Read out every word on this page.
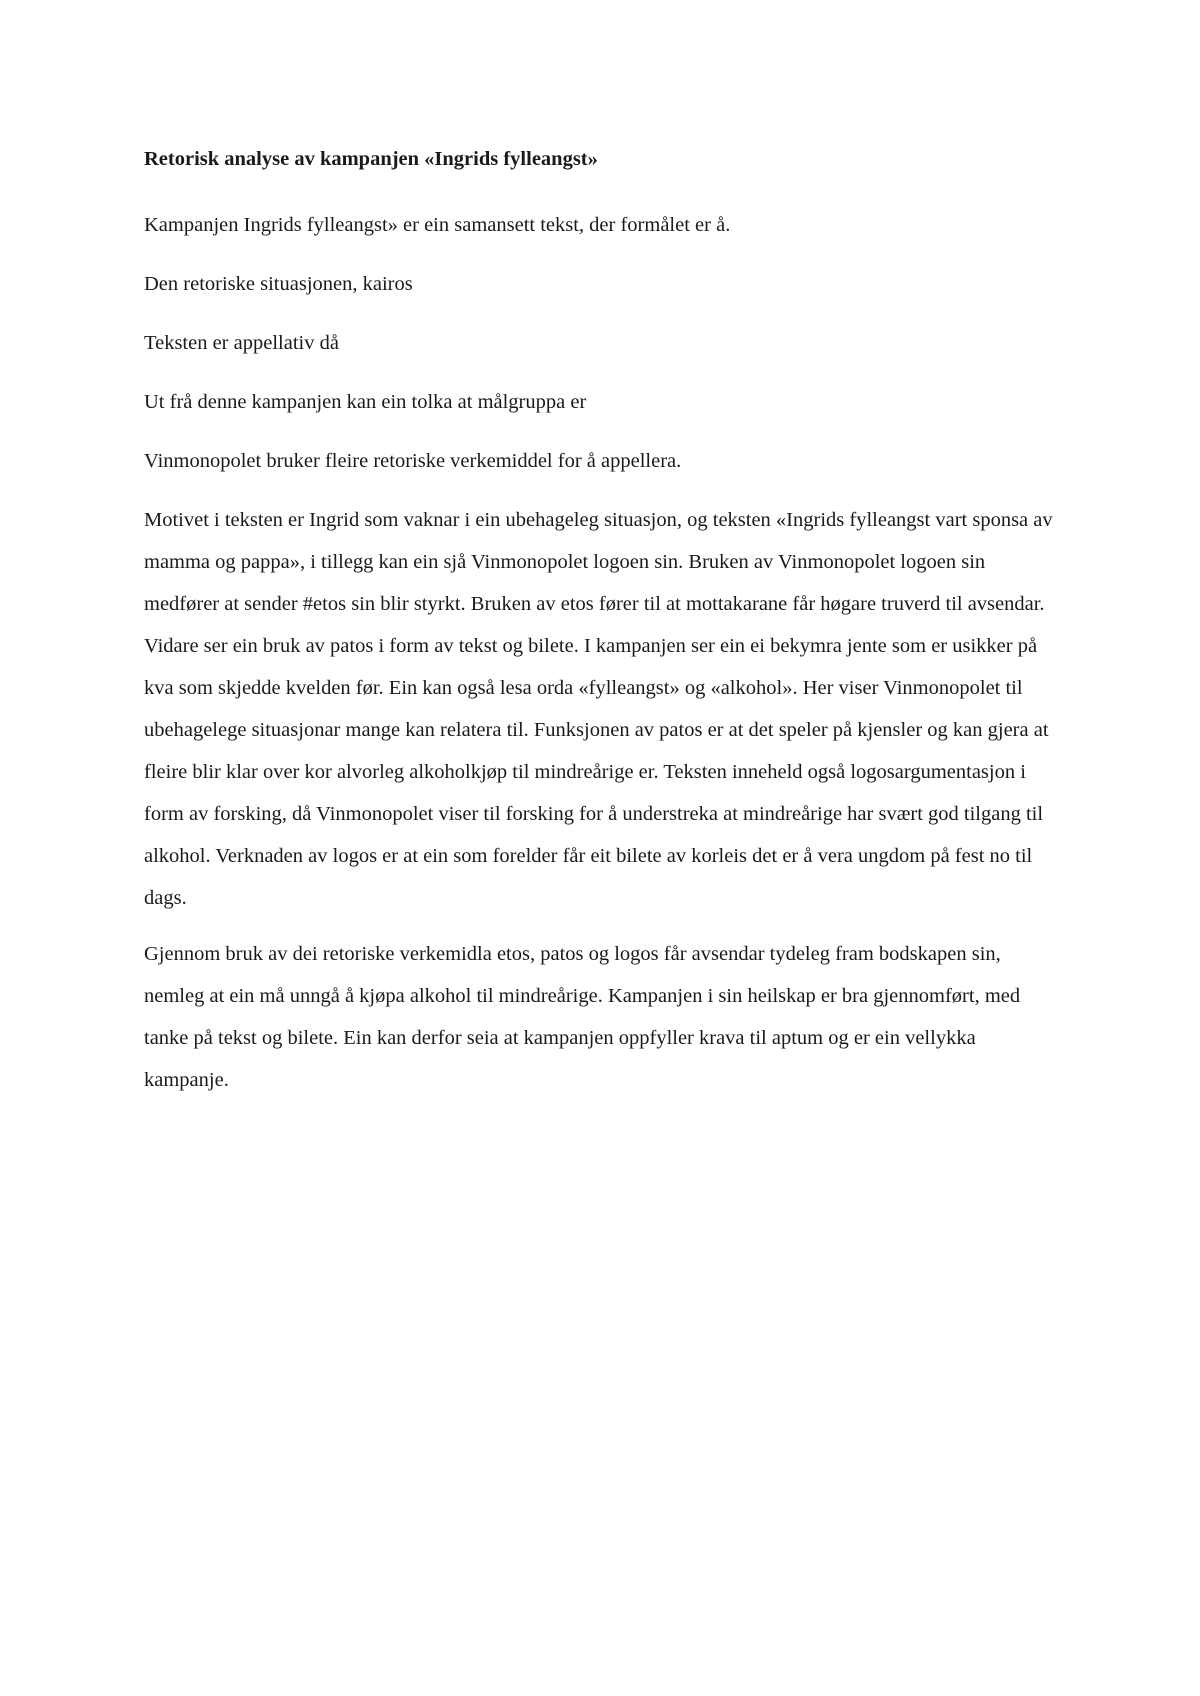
Retorisk analyse av kampanjen «Ingrids fylleangst»

Kampanjen Ingrids fylleangst» er ein samansett tekst, der formålet er å.

Den retoriske situasjonen, kairos

Teksten er appellativ då

Ut frå denne kampanjen kan ein tolka at målgruppa er

Vinmonopolet bruker fleire retoriske verkemiddel for å appellera.

Motivet i teksten er Ingrid som vaknar i ein ubehageleg situasjon, og teksten «Ingrids fylleangst vart sponsa av mamma og pappa», i tillegg kan ein sjå Vinmonopolet logoen sin. Bruken av Vinmonopolet logoen sin medfører at sender #etos sin blir styrkt. Bruken av etos fører til at mottakarane får høgare truverd til avsendar. Vidare ser ein bruk av patos i form av tekst og bilete. I kampanjen ser ein ei bekymra jente som er usikker på kva som skjedde kvelden før. Ein kan også lesa orda «fylleangst» og «alkohol». Her viser Vinmonopolet til ubehagelege situasjonar mange kan relatera til. Funksjonen av patos er at det speler på kjensler og kan gjera at fleire blir klar over kor alvorleg alkoholkjøp til mindreårige er. Teksten inneheld også logosargumentasjon i form av forsking, då Vinmonopolet viser til forsking for å understreka at mindreårige har svært god tilgang til alkohol. Verknaden av logos er at ein som forelder får eit bilete av korleis det er å vera ungdom på fest no til dags.

Gjennom bruk av dei retoriske verkemidla etos, patos og logos får avsendar tydeleg fram bodskapen sin, nemleg at ein må unngå å kjøpa alkohol til mindreårige. Kampanjen i sin heilskap er bra gjennomført, med tanke på tekst og bilete. Ein kan derfor seia at kampanjen oppfyller krava til aptum og er ein vellykka kampanje.
